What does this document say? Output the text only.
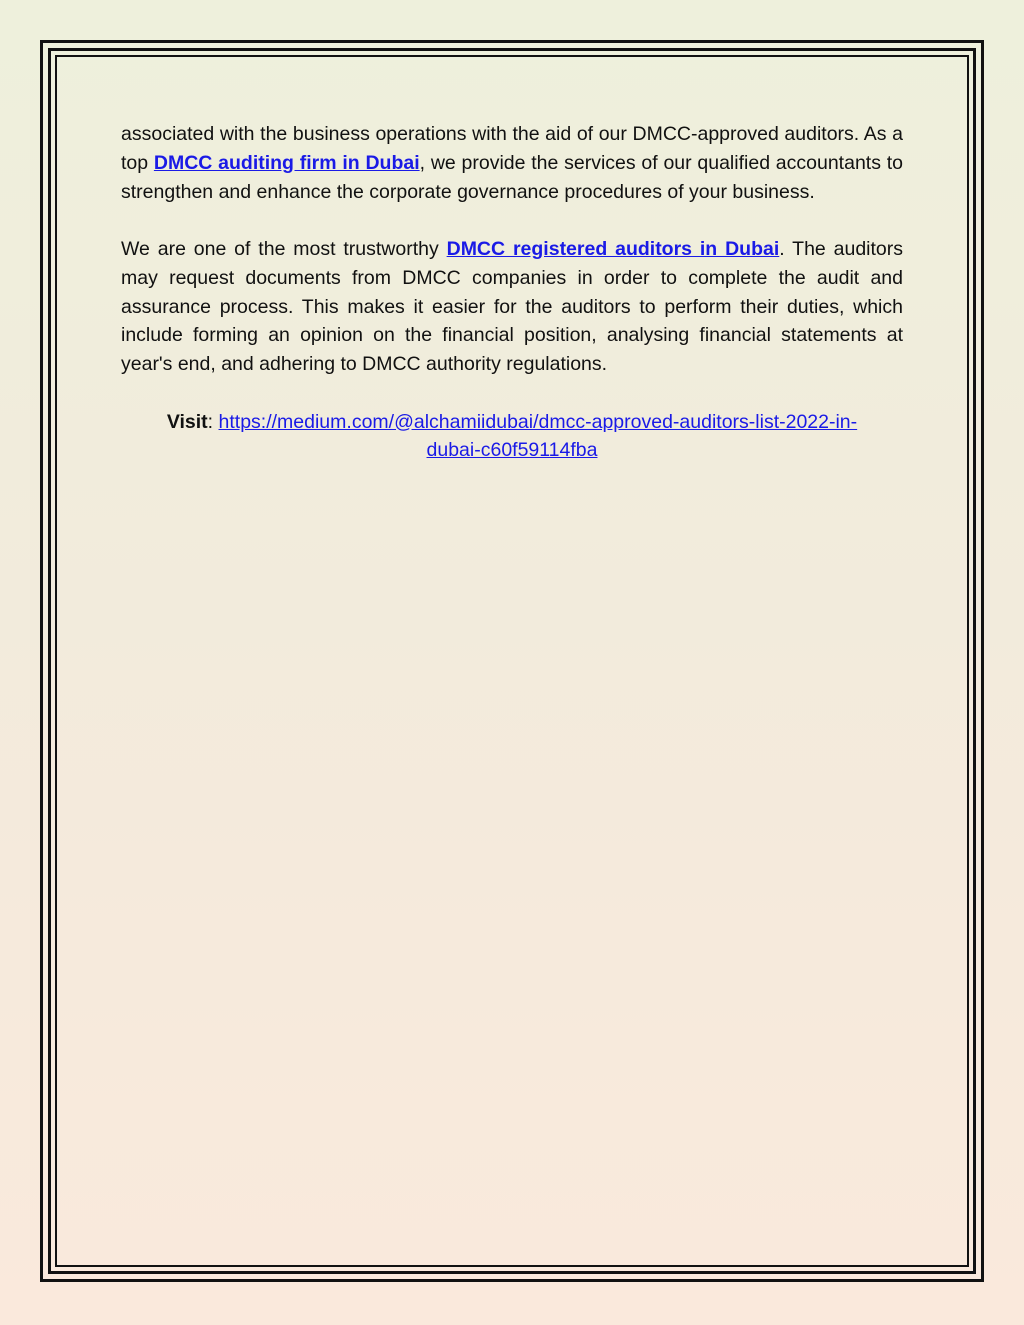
associated with the business operations with the aid of our DMCC-approved auditors. As a top DMCC auditing firm in Dubai, we provide the services of our qualified accountants to strengthen and enhance the corporate governance procedures of your business.

We are one of the most trustworthy DMCC registered auditors in Dubai. The auditors may request documents from DMCC companies in order to complete the audit and assurance process. This makes it easier for the auditors to perform their duties, which include forming an opinion on the financial position, analysing financial statements at year's end, and adhering to DMCC authority regulations.

Visit: https://medium.com/@alchamiidubai/dmcc-approved-auditors-list-2022-in-
dubai-c60f59114fba
